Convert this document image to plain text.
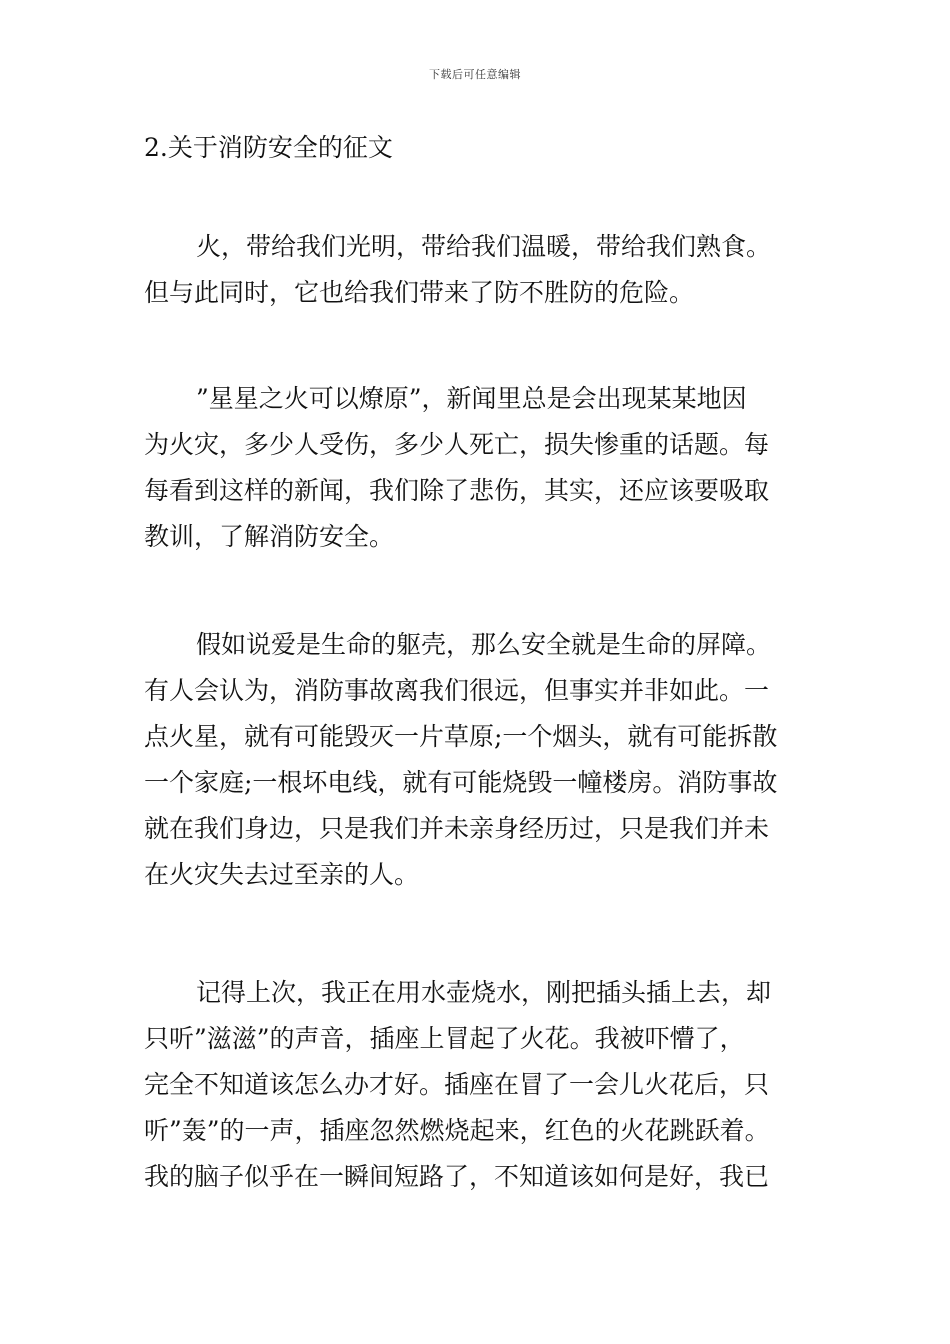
下载后可任意编辑
2.关于消防安全的征文
火，带给我们光明，带给我们温暖，带给我们熟食。
但与此同时，它也给我们带来了防不胜防的危险。
”星星之火可以燎原”，新闻里总是会出现某某地因
为火灾，多少人受伤，多少人死亡，损失惨重的话题。每
每看到这样的新闻，我们除了悲伤，其实，还应该要吸取
教训，了解消防安全。
假如说爱是生命的躯壳，那么安全就是生命的屏障。
有人会认为，消防事故离我们很远，但事实并非如此。一
点火星，就有可能毁灭一片草原;一个烟头，就有可能拆散
一个家庭;一根坏电线，就有可能烧毁一幢楼房。消防事故
就在我们身边，只是我们并未亲身经历过，只是我们并未
在火灾失去过至亲的人。
记得上次，我正在用水壶烧水，刚把插头插上去，却
只听”滋滋”的声音，插座上冒起了火花。我被吓懵了，
完全不知道该怎么办才好。插座在冒了一会儿火花后，只
听”轰”的一声，插座忽然燃烧起来，红色的火花跳跃着。
我的脑子似乎在一瞬间短路了，不知道该如何是好，我已
